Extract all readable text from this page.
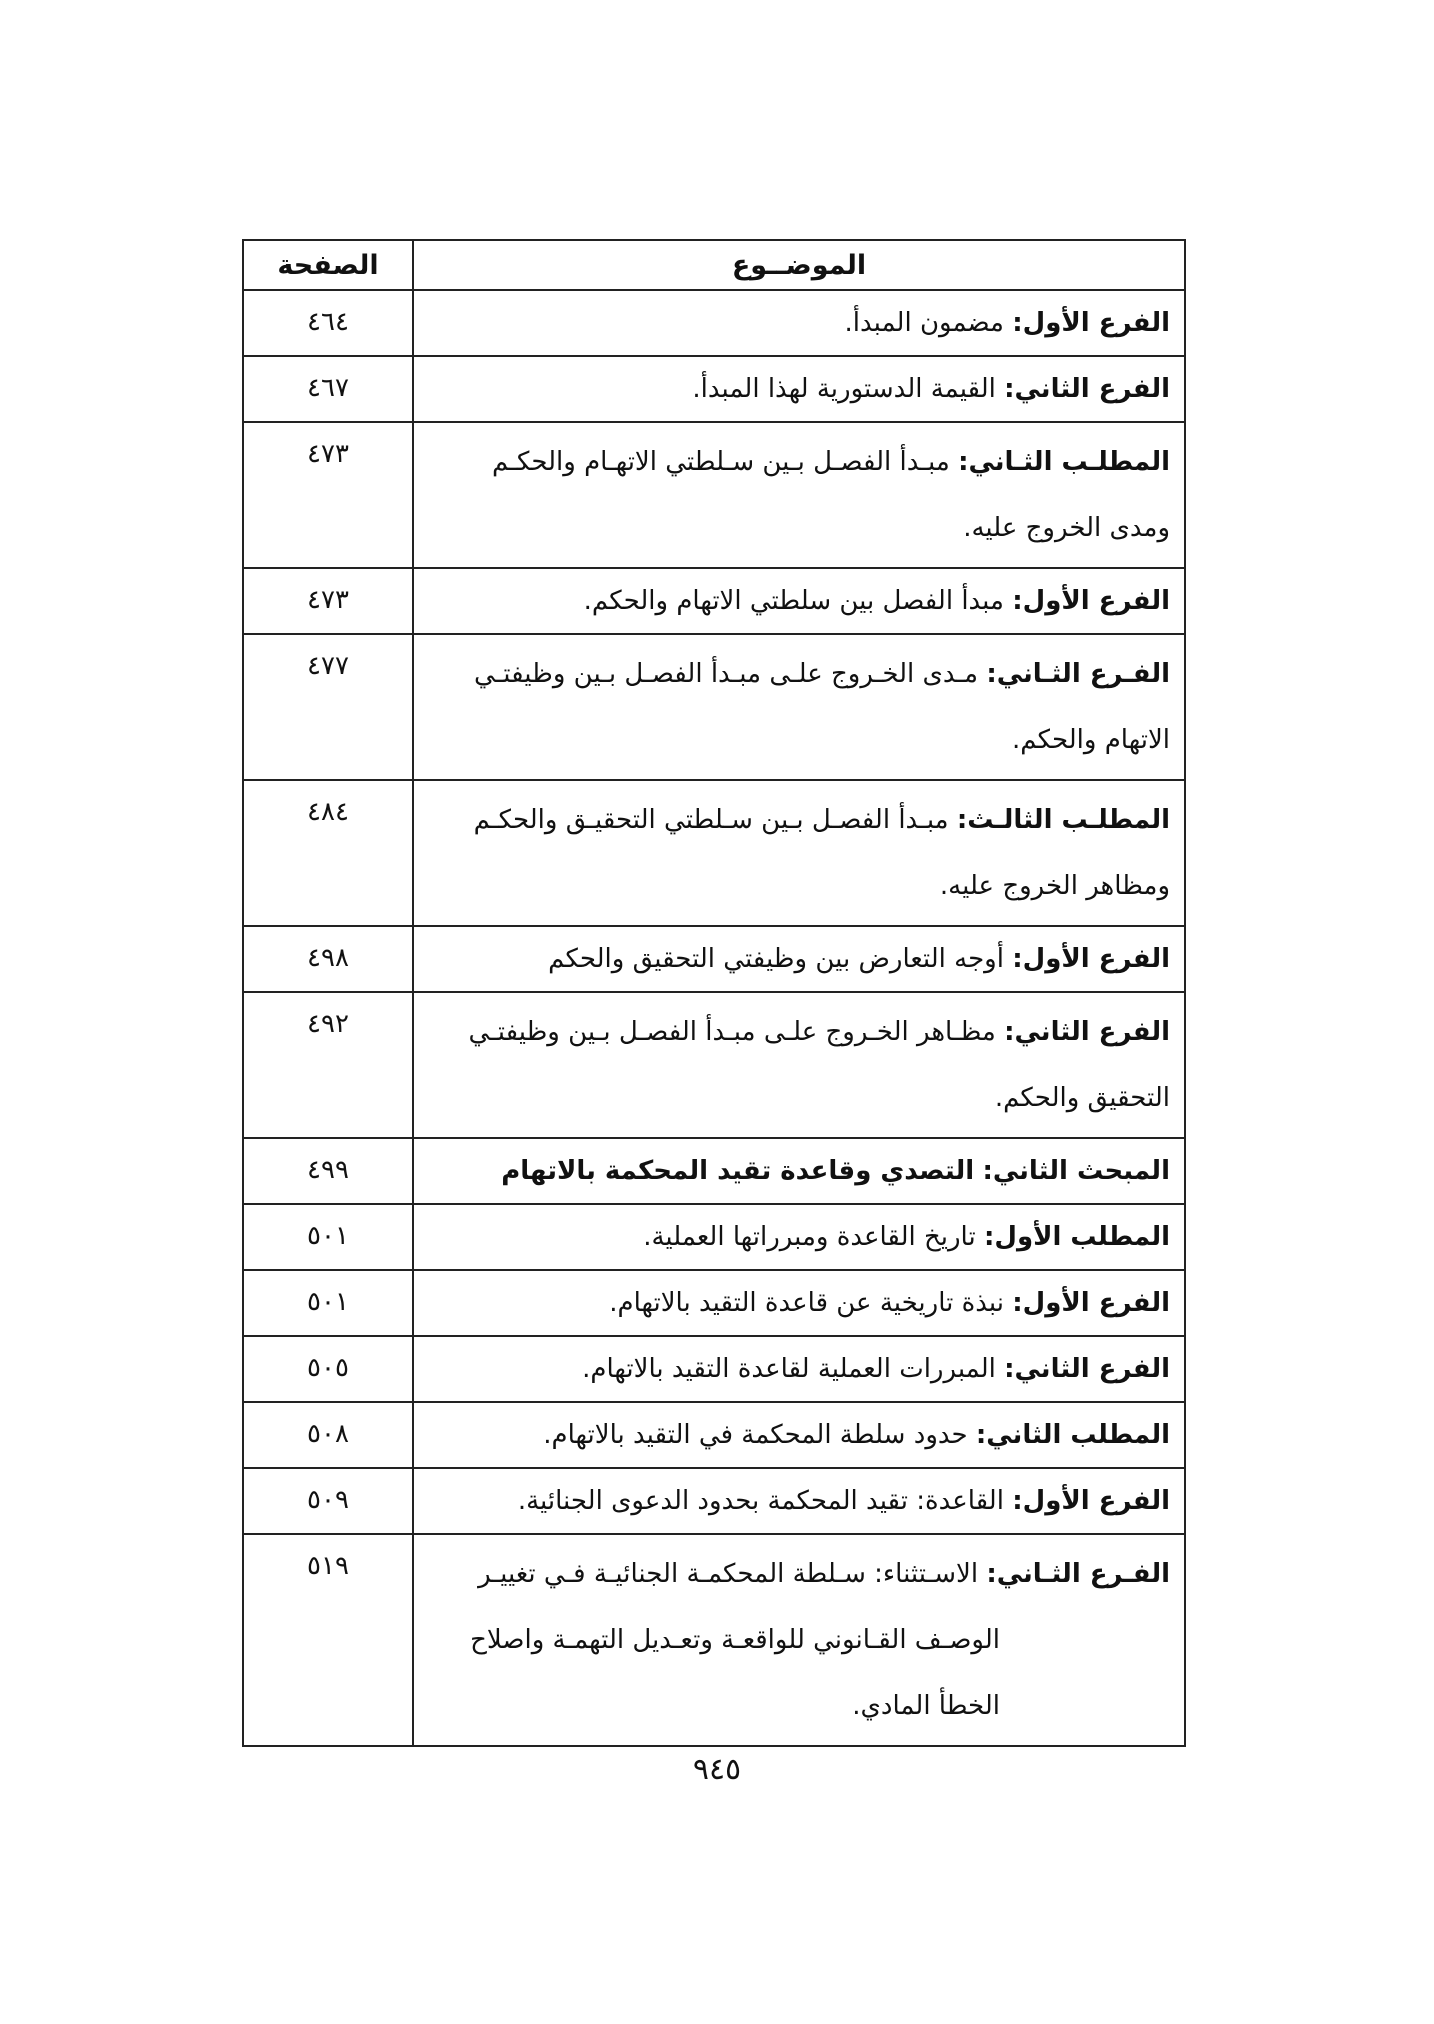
الموضــوع	الصفحة
الفرع الأول: مضمون المبدأ.	٤٦٤
الفرع الثاني: القيمة الدستورية لهذا المبدأ.	٤٦٧
المطلـب الثـاني: مبـدأ الفصـل بـين سـلطتي الاتهـام والحكـم ومدى الخروج عليه.	٤٧٣
الفرع الأول: مبدأ الفصل بين سلطتي الاتهام والحكم.	٤٧٣
الفـرع الثـاني: مـدى الخـروج علـى مبـدأ الفصـل بـين وظيفتـي الاتهام والحكم.	٤٧٧
المطلـب الثالـث: مبـدأ الفصـل بـين سـلطتي التحقيـق والحكـم ومظاهر الخروج عليه.	٤٨٤
الفرع الأول: أوجه التعارض بين وظيفتي التحقيق والحكم	٤٩٨
الفرع الثاني: مظـاهر الخـروج علـى مبـدأ الفصـل بـين وظيفتـي التحقيق والحكم.	٤٩٢
المبحث الثاني: التصدي وقاعدة تقيد المحكمة بالاتهام	٤٩٩
المطلب الأول: تاريخ القاعدة ومبرراتها العملية.	٥٠١
الفرع الأول: نبذة تاريخية عن قاعدة التقيد بالاتهام.	٥٠١
الفرع الثاني: المبررات العملية لقاعدة التقيد بالاتهام.	٥٠٥
المطلب الثاني: حدود سلطة المحكمة في التقيد بالاتهام.	٥٠٨
الفرع الأول: القاعدة: تقيد المحكمة بحدود الدعوى الجنائية.	٥٠٩
الفـرع الثـاني: الاسـتثناء: سـلطة المحكمـة الجنائيـة فـي تغييـر
الوصـف القـانوني للواقعـة وتعـديل التهمـة واصلاح الخطأ المادي.	٥١٩
٩٤٥
